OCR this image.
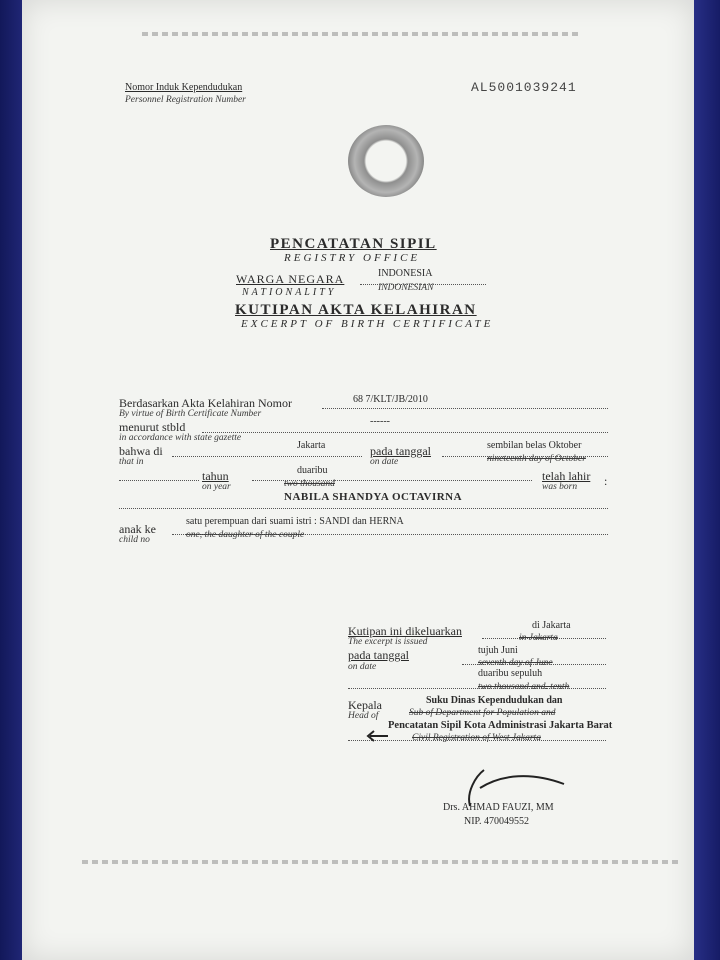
Nomor Induk Kependudukan
Personnel Registration Number
AL5001039241
PENCATATAN SIPIL
REGISTRY OFFICE
WARGA NEGARA
NATIONALITY
INDONESIA
INDONESIAN
KUTIPAN AKTA KELAHIRAN
EXCERPT OF BIRTH CERTIFICATE
Berdasarkan Akta Kelahiran Nomor
By virtue of Birth Certificate Number
68 7/KLT/JB/2010
menurut stbld
in accordance with state gazette
------
bahwa di
that in
Jakarta	pada tanggal
on date
sembilan belas Oktober
nineteenth day of October
tahun
on year
duaribu
two thousand
telah lahir
was born :
NABILA SHANDYA OCTAVIRNA
anak ke
child no
satu perempuan dari suami istri : SANDI dan HERNA
one, the daughter of the couple
Kutipan ini dikeluarkan
The excerpt is issued
di Jakarta
in Jakarta
pada tanggal
on date
tujuh Juni
seventh day of June
duaribu sepuluh
two thousand and. tenth
Kepala
Head of
Suku Dinas Kependudukan dan
Sub of Department for Population and
Pencatatan Sipil Kota Administrasi Jakarta Barat
Civil Registration of West Jakarta
Drs. AHMAD FAUZI, MM
NIP. 470049552
